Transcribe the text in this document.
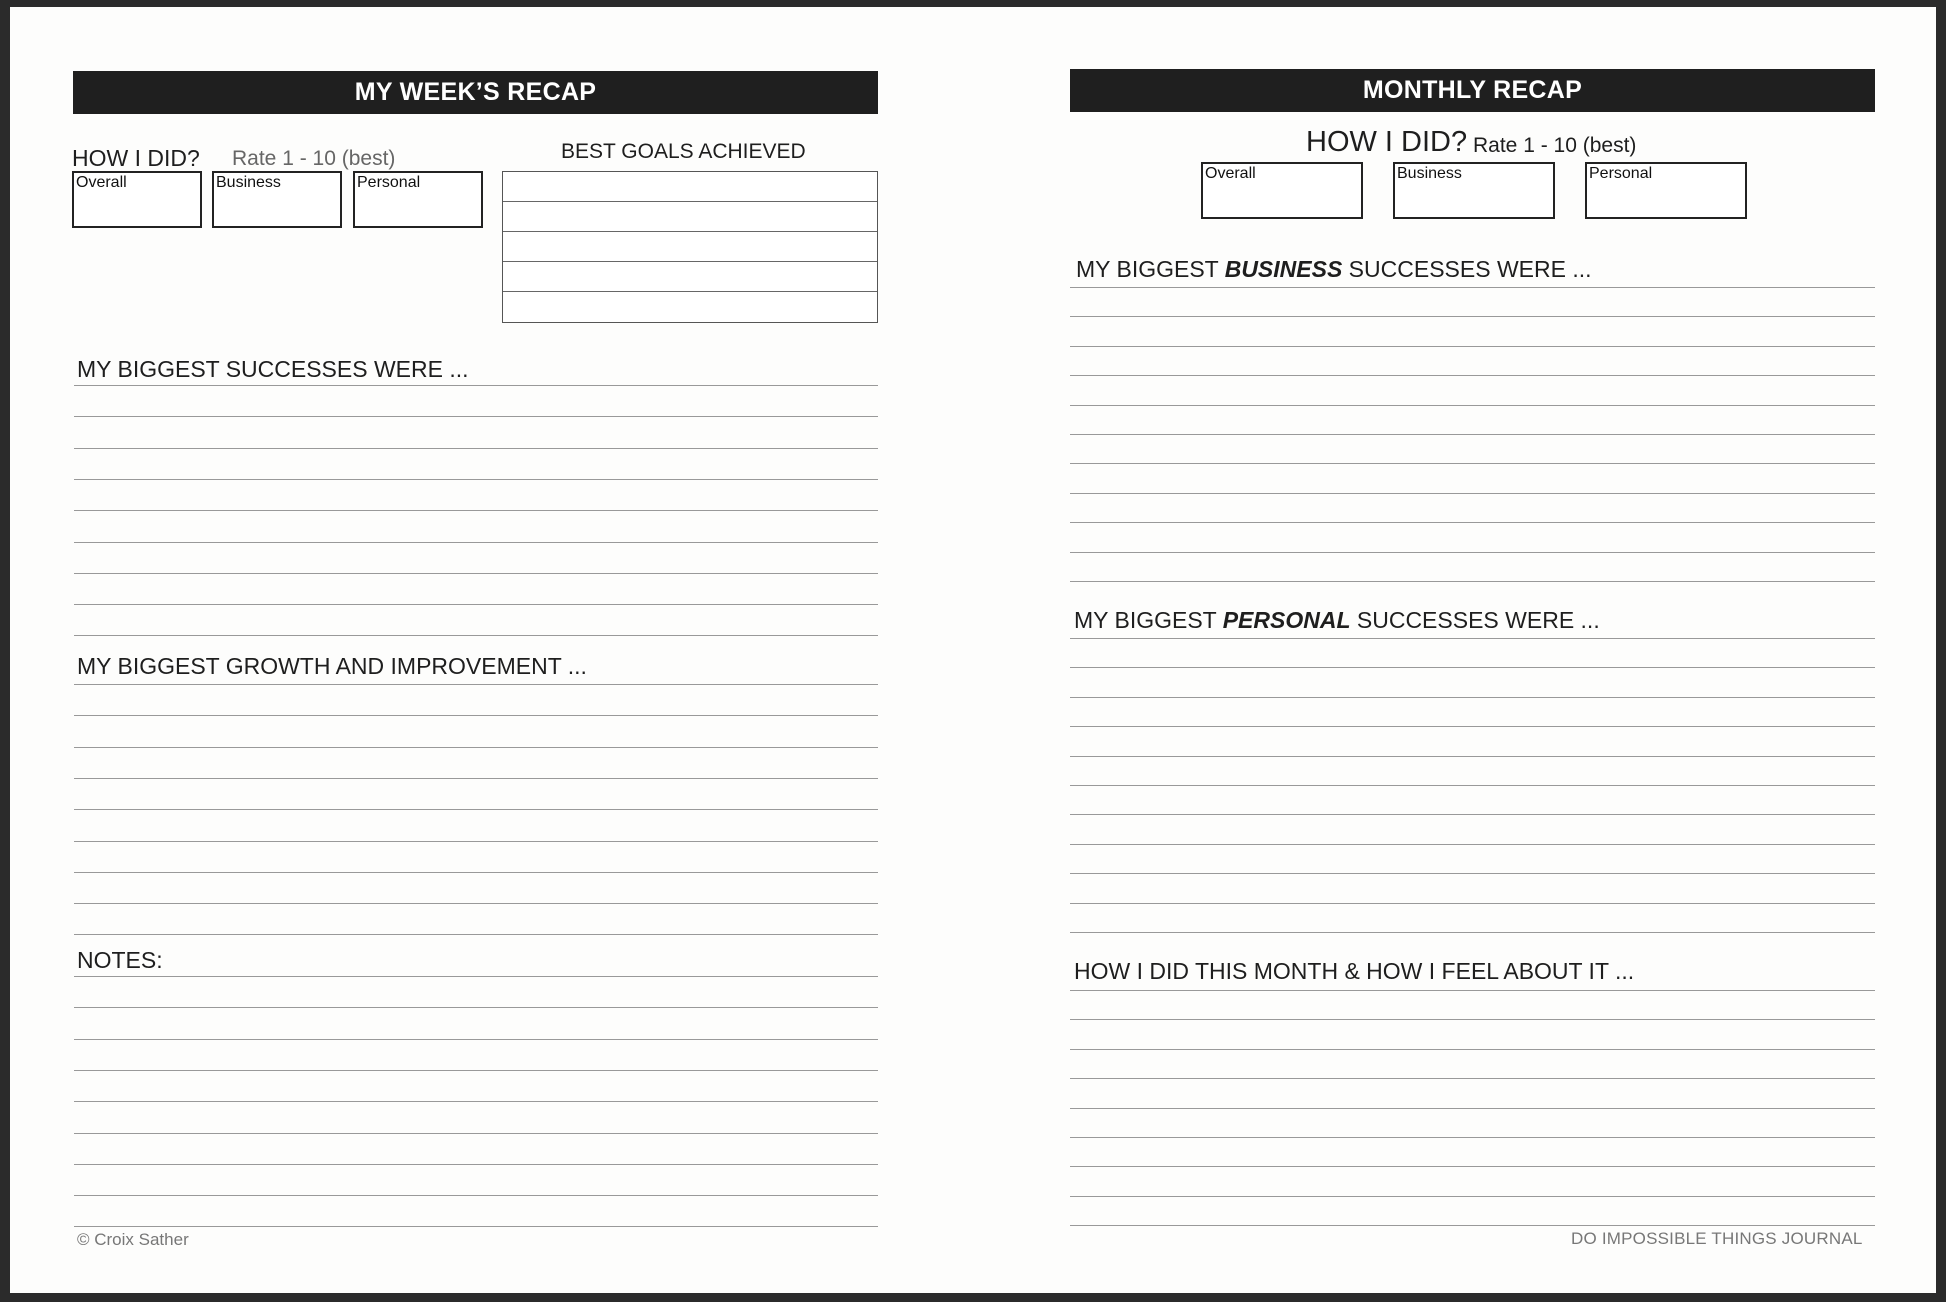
MY WEEK’S RECAP
HOW I DID? Rate 1 - 10 (best)
Overall	Business	Personal
BEST GOALS ACHIEVED
MY BIGGEST SUCCESSES WERE ...
MY BIGGEST GROWTH AND IMPROVEMENT ...
NOTES:
© Croix Sather
MONTHLY RECAP
HOW I DID? Rate 1 - 10 (best)
Overall	Business	Personal
MY BIGGEST BUSINESS SUCCESSES WERE ...
MY BIGGEST PERSONAL SUCCESSES WERE ...
HOW I DID THIS MONTH & HOW I FEEL ABOUT IT ...
DO IMPOSSIBLE THINGS JOURNAL
